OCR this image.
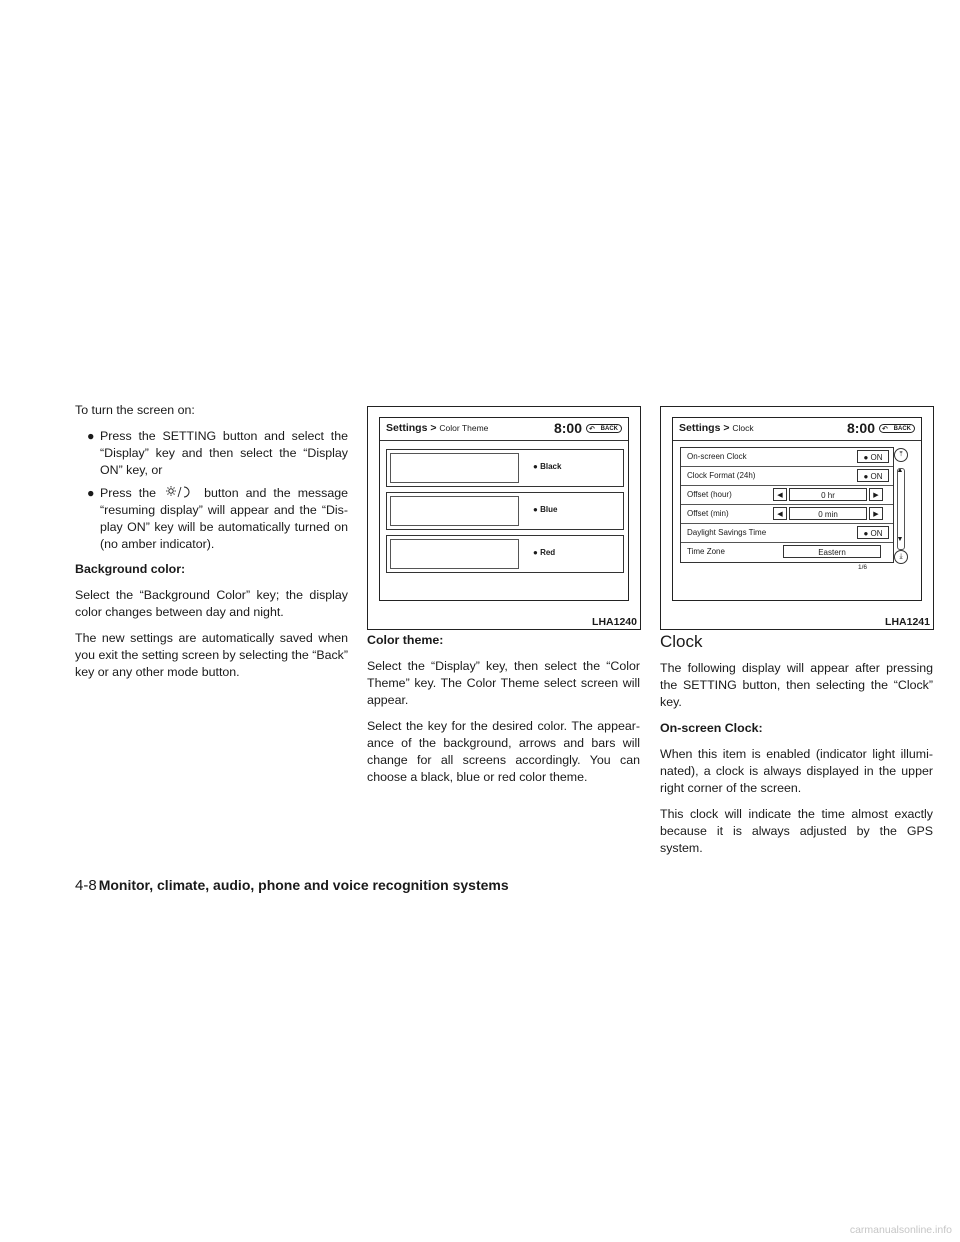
To turn the screen on:

● Press the SETTING button and select the “Display” key and then select the “Display ON” key, or
● Press the	button and the message “resuming display” will appear and the “Dis- play ON” key will be automatically turned on (no amber indicator).

Background color:

Select the “Background Color” key; the display color changes between day and night.

The new settings are automatically saved when you exit the setting screen by selecting the “Back” key or any other mode button.

Settings > Color Theme	8:00 ↶ BACK
● Black
● Blue
● Red
LHA1240
Settings > Clock	8:00 ↶ BACK
On-screen Clock	● ON
Clock Format (24h)	● ON
Offset (hour)	◀	0 hr	▶
Offset (min)	◀	0 min	▶
Daylight Savings Time	● ON
Time Zone	Eastern
⤒
▲
▼
⤓
1/6
LHA1241

Color theme:

Select the “Display” key, then select the “Color Theme” key. The Color Theme select screen will appear.

Select the key for the desired color. The appear- ance of the background, arrows and bars will change for all screens accordingly. You can choose a black, blue or red color theme.

Clock

The following display will appear after pressing the SETTING button, then selecting the “Clock” key.

On-screen Clock:

When this item is enabled (indicator light illumi- nated), a clock is always displayed in the upper right corner of the screen.

This clock will indicate the time almost exactly because it is always adjusted by the GPS system.

4-8 Monitor, climate, audio, phone and voice recognition systems
carmanualsonline.info
